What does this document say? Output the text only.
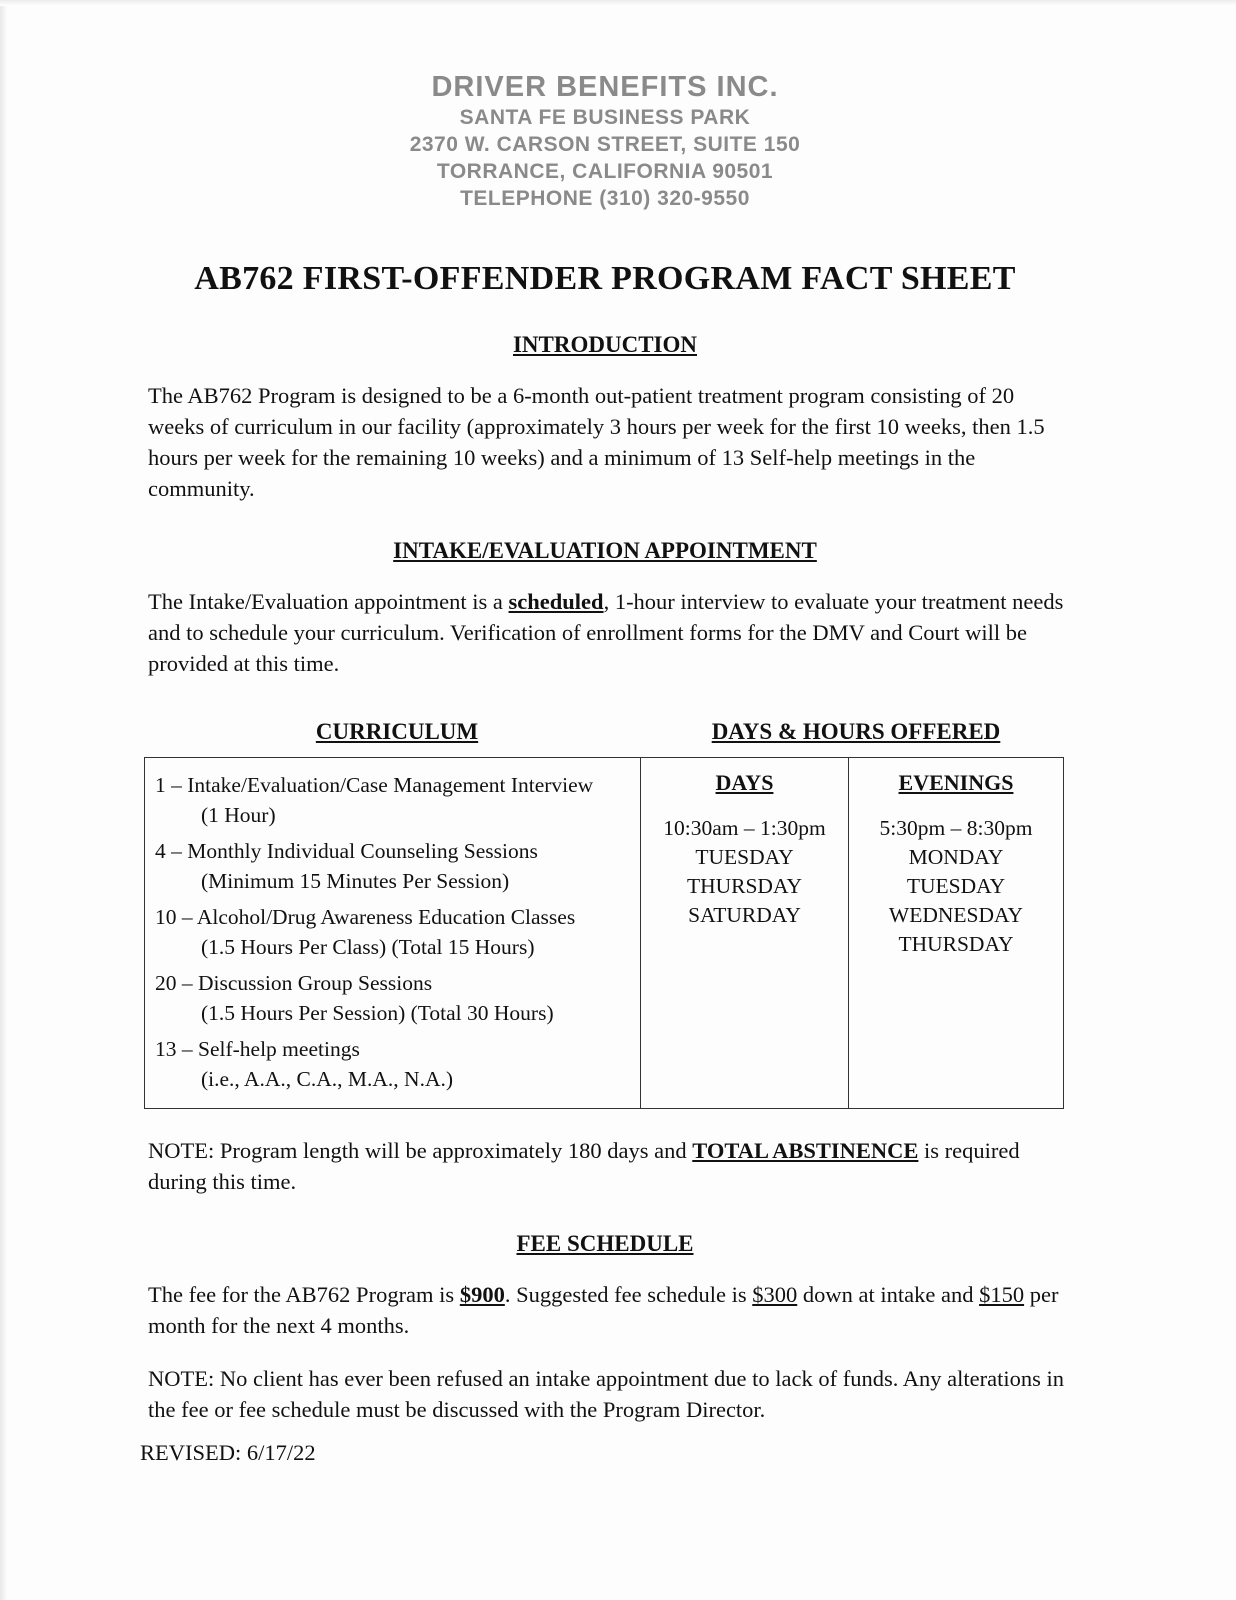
DRIVER BENEFITS INC.
SANTA FE BUSINESS PARK
2370 W. CARSON STREET, SUITE 150
TORRANCE, CALIFORNIA 90501
TELEPHONE (310) 320-9550
AB762 FIRST-OFFENDER PROGRAM FACT SHEET
INTRODUCTION

The AB762 Program is designed to be a 6-month out-patient treatment program consisting of 20 weeks of curriculum in our facility (approximately 3 hours per week for the first 10 weeks, then 1.5 hours per week for the remaining 10 weeks) and a minimum of 13 Self-help meetings in the community.

INTAKE/EVALUATION APPOINTMENT

The Intake/Evaluation appointment is a scheduled, 1-hour interview to evaluate your treatment needs and to schedule your curriculum. Verification of enrollment forms for the DMV and Court will be provided at this time.

CURRICULUM	DAYS & HOURS OFFERED
1 – Intake/Evaluation/Case Management Interview
(1 Hour)
4 – Monthly Individual Counseling Sessions
(Minimum 15 Minutes Per Session)
10 – Alcohol/Drug Awareness Education Classes
(1.5 Hours Per Class) (Total 15 Hours)
20 – Discussion Group Sessions
(1.5 Hours Per Session) (Total 30 Hours)
13 – Self-help meetings
(i.e., A.A., C.A., M.A., N.A.)
DAYS
10:30am – 1:30pm
TUESDAY
THURSDAY
SATURDAY
EVENINGS
5:30pm – 8:30pm
MONDAY
TUESDAY
WEDNESDAY
THURSDAY

NOTE: Program length will be approximately 180 days and TOTAL ABSTINENCE is required during this time.

FEE SCHEDULE

The fee for the AB762 Program is $900. Suggested fee schedule is $300 down at intake and $150 per month for the next 4 months.

NOTE: No client has ever been refused an intake appointment due to lack of funds. Any alterations in the fee or fee schedule must be discussed with the Program Director.

REVISED: 6/17/22
